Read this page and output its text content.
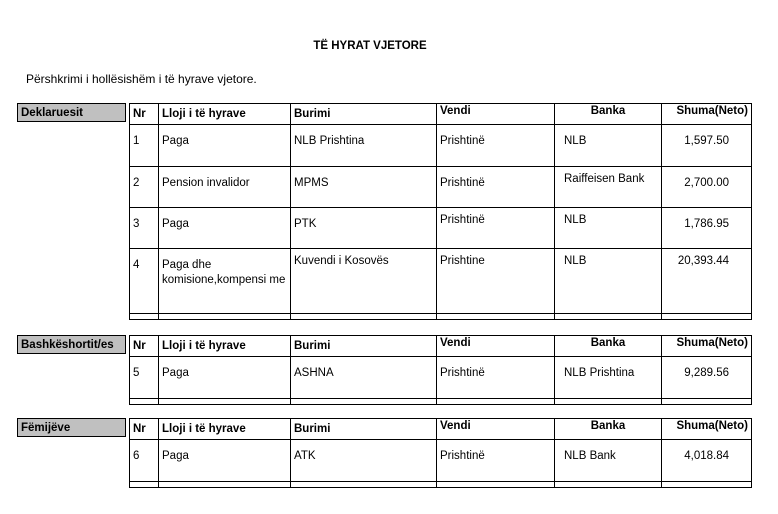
TË HYRAT VJETORE
Përshkrimi i hollësishëm i të hyrave vjetore.
Deklaruesit	Nr	Lloji i të hyrave	Burimi	Vendi	Banka	Shuma(Neto)
1	Paga	NLB Prishtina	Prishtinë	NLB	1,597.50
2	Pension invalidor	MPMS	Prishtinë	Raiffeisen Bank	2,700.00
3	Paga	PTK	Prishtinë	NLB	1,786.95
4	Paga dhe komisione,kompensi me	Kuvendi i Kosovës	Prishtine	NLB	20,393.44

Bashkëshortit/es	Nr	Lloji i të hyrave	Burimi	Vendi	Banka	Shuma(Neto)
5	Paga	ASHNA	Prishtinë	NLB Prishtina	9,289.56

Fëmijëve	Nr	Lloji i të hyrave	Burimi	Vendi	Banka	Shuma(Neto)
6	Paga	ATK	Prishtinë	NLB Bank	4,018.84
